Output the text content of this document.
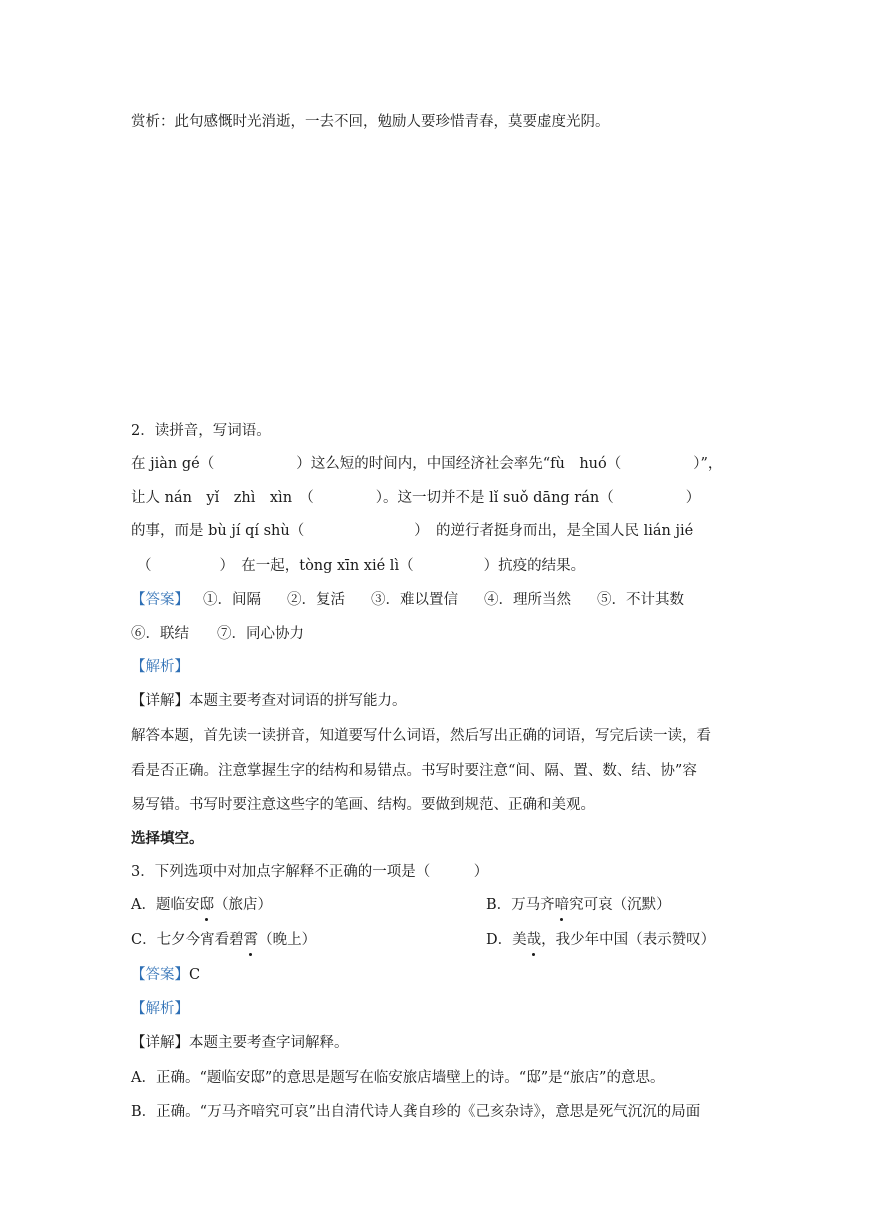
赏析：此句感慨时光消逝，一去不回，勉励人要珍惜青春，莫要虚度光阴。
2．读拼音，写词语。
在 jiàn gé（	）这么短的时间内，中国经济社会率先“fù　huó（	）”，
让人 nán　yǐ　zhì　xìn　（	）。这一切并不是 lǐ suǒ dāng rán（	）
的事，而是 bù jí qí shù（	）　的逆行者挺身而出，是全国人民 lián jié
（	）　在一起，tòng xīn xié lì（	）抗疫的结果。
【答案】 ①．间隔 ②．复活 ③．难以置信 ④．理所当然 ⑤．不计其数
⑥．联结 ⑦．同心协力
【解析】
【详解】本题主要考查对词语的拼写能力。
解答本题，首先读一读拼音，知道要写什么词语，然后写出正确的词语，写完后读一读，看
看是否正确。注意掌握生字的结构和易错点。书写时要注意“间、隔、置、数、结、协”容
易写错。书写时要注意这些字的笔画、结构。要做到规范、正确和美观。
选择填空。
3．下列选项中对加点字解释不正确的一项是（　　　）
A．题临安邸（旅店）	B．万马齐喑究可哀（沉默）
C．七夕今宵看碧霄（晚上）	D．美哉，我少年中国（表示赞叹）
【答案】C
【解析】
【详解】本题主要考查字词解释。
A．正确。“题临安邸”的意思是题写在临安旅店墙壁上的诗。“邸”是“旅店”的意思。
B．正确。“万马齐喑究可哀”出自清代诗人龚自珍的《己亥杂诗》，意思是死气沉沉的局面
